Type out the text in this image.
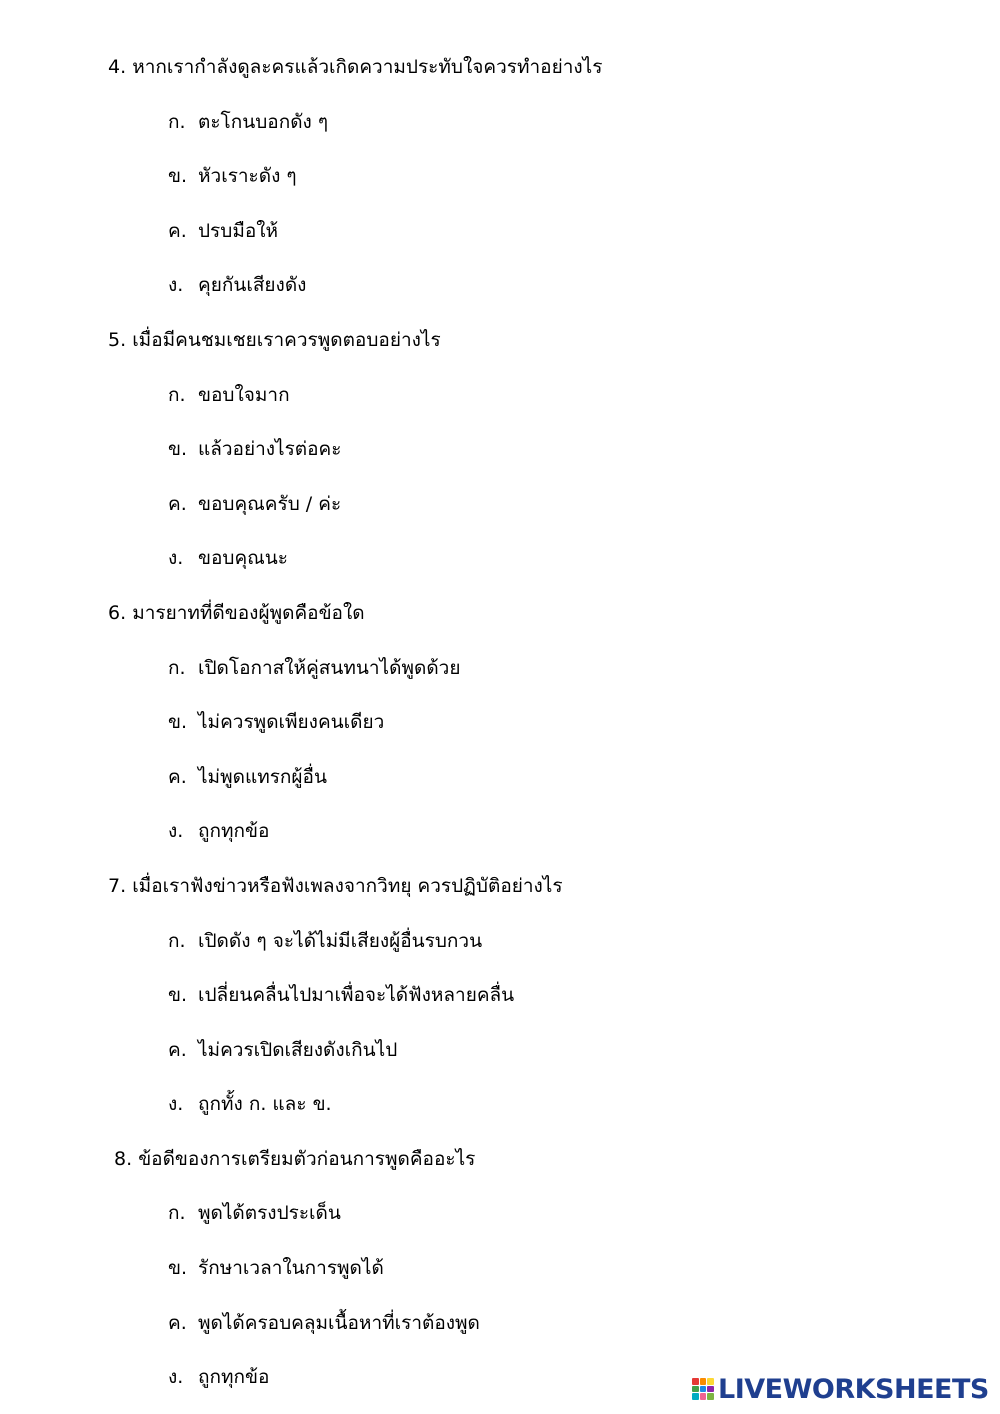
4. หากเรากำลังดูละครแล้วเกิดความประทับใจควรทำอย่างไร
ก. ตะโกนบอกดัง ๆ
ข. หัวเราะดัง ๆ
ค. ปรบมือให้
ง. คุยกันเสียงดัง
5. เมื่อมีคนชมเชยเราควรพูดตอบอย่างไร
ก. ขอบใจมาก
ข. แล้วอย่างไรต่อคะ
ค. ขอบคุณครับ / ค่ะ
ง. ขอบคุณนะ
6. มารยาทที่ดีของผู้พูดคือข้อใด
ก. เปิดโอกาสให้คู่สนทนาได้พูดด้วย
ข. ไม่ควรพูดเพียงคนเดียว
ค. ไม่พูดแทรกผู้อื่น
ง. ถูกทุกข้อ
7. เมื่อเราฟังข่าวหรือฟังเพลงจากวิทยุ ควรปฏิบัติอย่างไร
ก. เปิดดัง ๆ จะได้ไม่มีเสียงผู้อื่นรบกวน
ข. เปลี่ยนคลื่นไปมาเพื่อจะได้ฟังหลายคลื่น
ค. ไม่ควรเปิดเสียงดังเกินไป
ง. ถูกทั้ง ก. และ ข.
8. ข้อดีของการเตรียมตัวก่อนการพูดคืออะไร
ก. พูดได้ตรงประเด็น
ข. รักษาเวลาในการพูดได้
ค. พูดได้ครอบคลุมเนื้อหาที่เราต้องพูด
ง. ถูกทุกข้อ	LIVEWORKSHEETS
